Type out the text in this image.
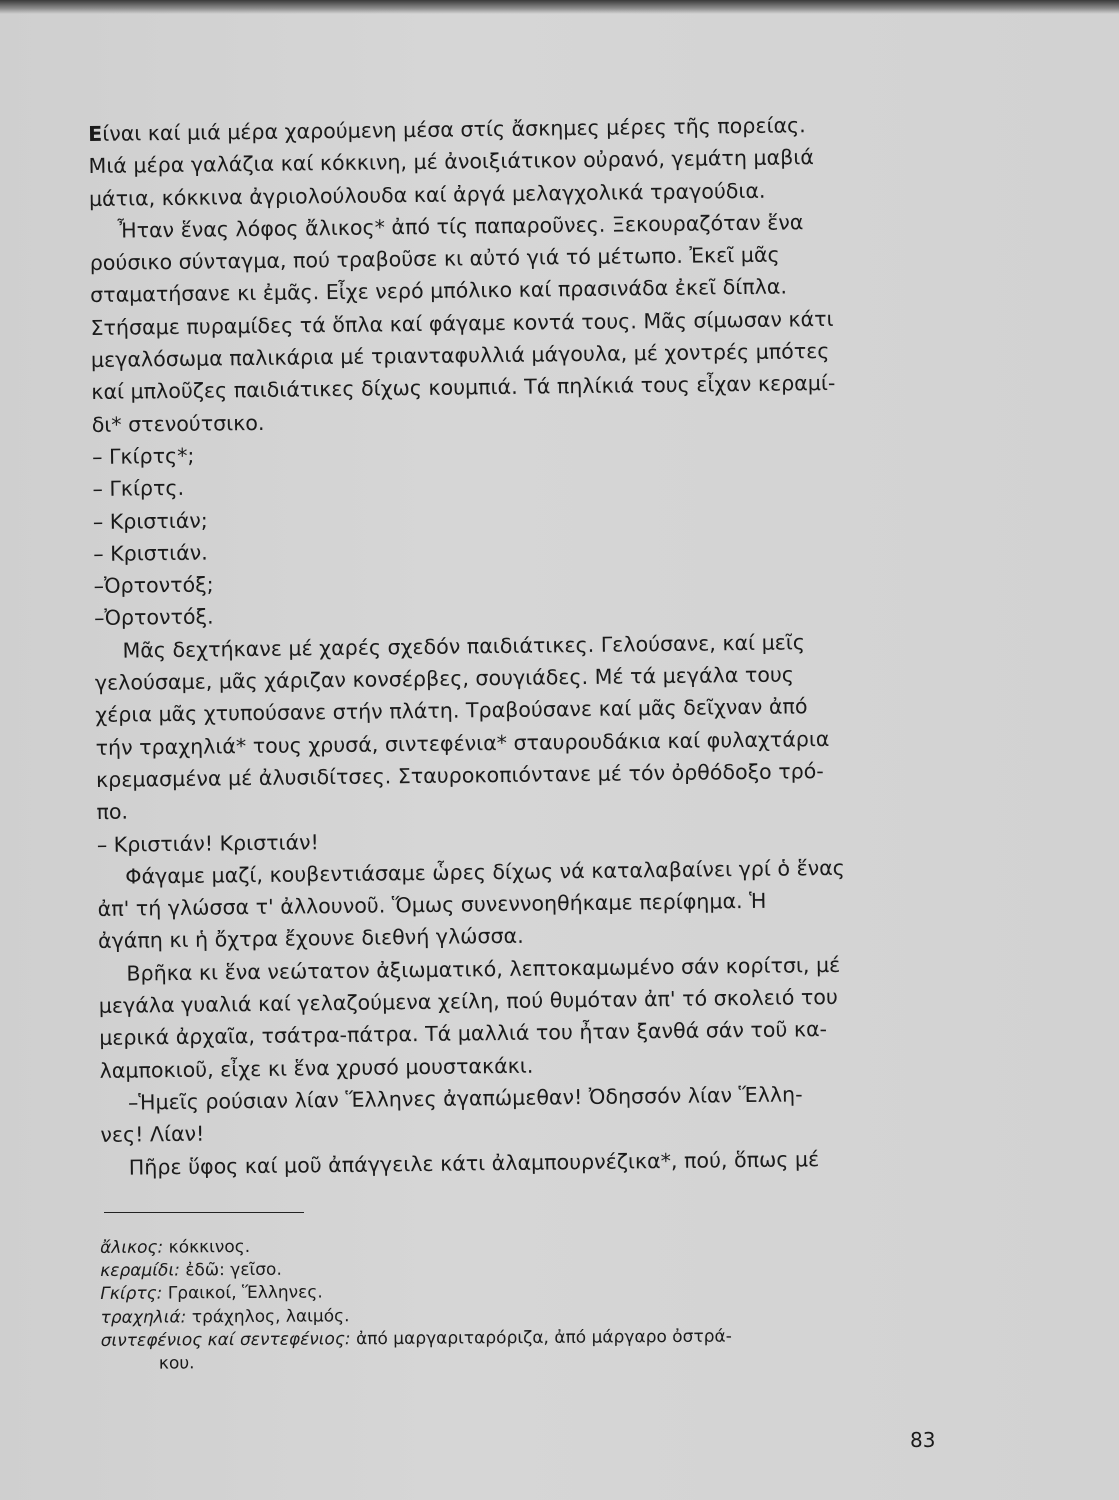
Eίναι καί μιά μέρα χαρούμενη μέσα στίς ἄσκημες μέρες τῆς πορείας.
Μιά μέρα γαλάζια καί κόκκινη, μέ ἀνοιξιάτικον οὐρανό, γεμάτη μαβιά
μάτια, κόκκινα ἀγριολούλουδα καί ἀργά μελαγχολικά τραγούδια.
Ἦταν ἕνας λόφος ἄλικος* ἀπό τίς παπαροῦνες. Ξεκουραζόταν ἕνα
ρούσικο σύνταγμα, πού τραβοῦσε κι αὐτό γιά τό μέτωπο. Ἐκεῖ μᾶς
σταματήσανε κι ἐμᾶς. Εἶχε νερό μπόλικο καί πρασινάδα ἐκεῖ δίπλα.
Στήσαμε πυραμίδες τά ὅπλα καί φάγαμε κοντά τους. Μᾶς σίμωσαν κάτι
μεγαλόσωμα παλικάρια μέ τριανταφυλλιά μάγουλα, μέ χοντρές μπότες
καί μπλοῦζες παιδιάτικες δίχως κουμπιά. Τά πηλίκιά τους εἶχαν κεραμί-
δι* στενούτσικο.
– Γκίρτς*;
– Γκίρτς.
– Κριστιάν;
– Κριστιάν.
–Ὀρτοντόξ;
–Ὀρτοντόξ.
Μᾶς δεχτήκανε μέ χαρές σχεδόν παιδιάτικες. Γελούσανε, καί μεῖς
γελούσαμε, μᾶς χάριζαν κονσέρβες, σουγιάδες. Μέ τά μεγάλα τους
χέρια μᾶς χτυπούσανε στήν πλάτη. Τραβούσανε καί μᾶς δεῖχναν ἀπό
τήν τραχηλιά* τους χρυσά, σιντεφένια* σταυρουδάκια καί φυλαχτάρια
κρεμασμένα μέ ἀλυσιδίτσες. Σταυροκοπιόντανε μέ τόν ὀρθόδοξο τρό-
πο.
– Κριστιάν! Κριστιάν!
Φάγαμε μαζί, κουβεντιάσαμε ὧρες δίχως νά καταλαβαίνει γρί ὁ ἕνας
ἀπ' τή γλώσσα τ' ἀλλουνοῦ. Ὅμως συνεννοηθήκαμε περίφημα. Ἡ
ἀγάπη κι ἡ ὄχτρα ἔχουνε διεθνή γλώσσα.
Βρῆκα κι ἕνα νεώτατον ἀξιωματικό, λεπτοκαμωμένο σάν κορίτσι, μέ
μεγάλα γυαλιά καί γελαζούμενα χείλη, πού θυμόταν ἀπ' τό σκολειό του
μερικά ἀρχαῖα, τσάτρα-πάτρα. Τά μαλλιά του ἦταν ξανθά σάν τοῦ κα-
λαμποκιοῦ, εἶχε κι ἕνα χρυσό μουστακάκι.
–Ἡμεῖς ρούσιαν λίαν Ἕλληνες ἀγαπώμεθαν! Ὀδησσόν λίαν Ἕλλη-
νες! Λίαν!
Πῆρε ὕφος καί μοῦ ἀπάγγειλε κάτι ἀλαμπουρνέζικα*, πού, ὅπως μέ
ἄλικος: κόκκινος.
κεραμίδι: ἐδῶ: γεῖσο.
Γκίρτς: Γραικοί, Ἕλληνες.
τραχηλιά: τράχηλος, λαιμός.
σιντεφένιος καί σεντεφένιος: ἀπό μαργαριταρόριζα, ἀπό μάργαρο ὀστρά-
κου.
83
